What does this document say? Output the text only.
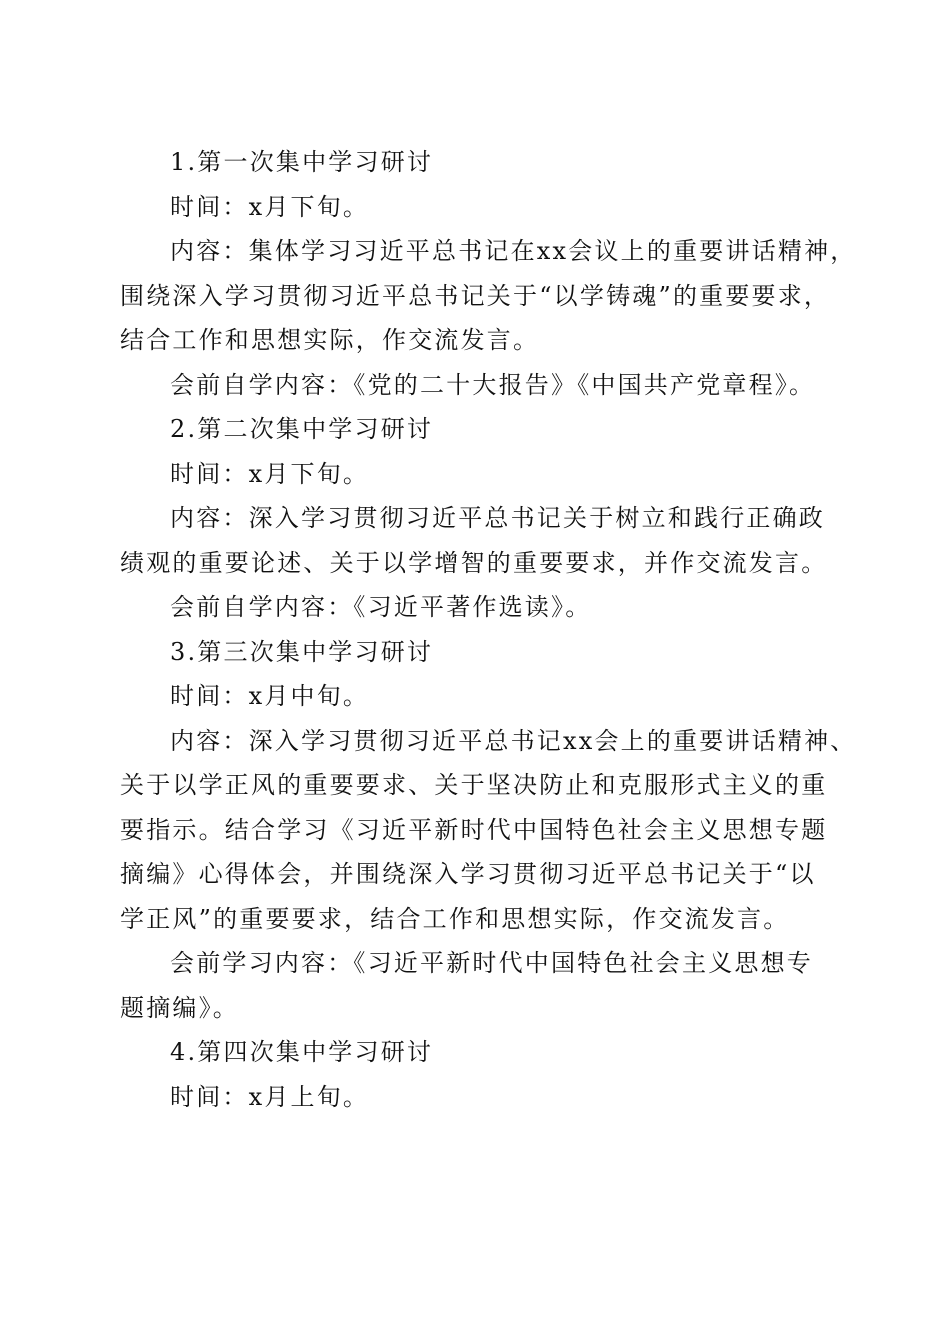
1.第一次集中学习研讨

时间：x月下旬。

内容：集体学习习近平总书记在xx会议上的重要讲话精神，

围绕深入学习贯彻习近平总书记关于“以学铸魂”的重要要求，

结合工作和思想实际，作交流发言。

会前自学内容：《党的二十大报告》《中国共产党章程》。

2.第二次集中学习研讨

时间：x月下旬。

内容：深入学习贯彻习近平总书记关于树立和践行正确政

绩观的重要论述、关于以学增智的重要要求，并作交流发言。

会前自学内容：《习近平著作选读》。

3.第三次集中学习研讨

时间：x月中旬。

内容：深入学习贯彻习近平总书记xx会上的重要讲话精神、

关于以学正风的重要要求、关于坚决防止和克服形式主义的重

要指示。结合学习《习近平新时代中国特色社会主义思想专题

摘编》心得体会，并围绕深入学习贯彻习近平总书记关于“以

学正风”的重要要求，结合工作和思想实际，作交流发言。

会前学习内容：《习近平新时代中国特色社会主义思想专

题摘编》。

4.第四次集中学习研讨

时间：x月上旬。
